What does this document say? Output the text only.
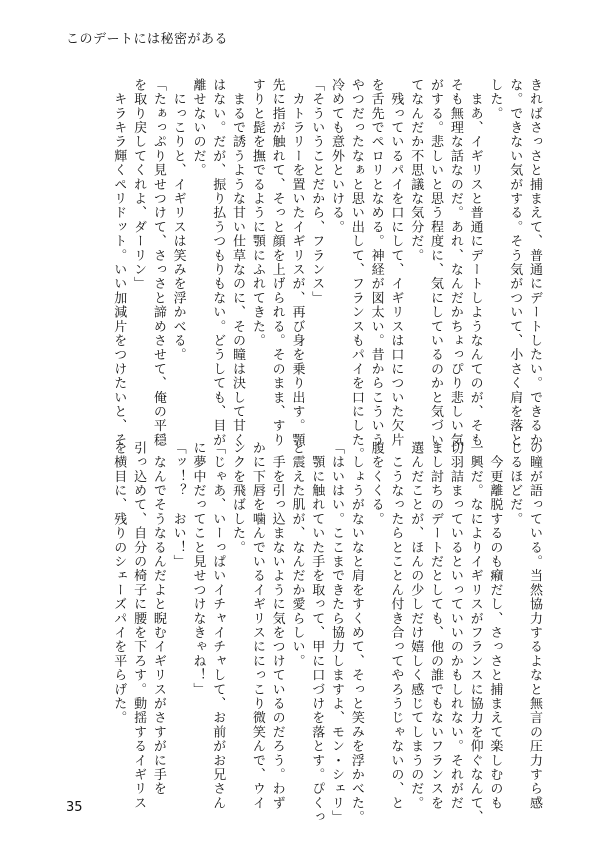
このデートには秘密がある
きればさっさと捕まえて、普通にデートしたい。できるか
な。できない気がする。そう気がついて、小さく肩を落と
した。
　まあ、イギリスと普通にデートしようなんてのが、そも
そも無理な話なのだ。あれ、なんだかちょっぴり悲しい気
がする。悲しいと思う程度に、気にしているのかと気づい
てなんだか不思議な気分だ。
　残っているパイを口にして、イギリスは口についた欠片
を舌先でペロリとなめる。神経が図太い。昔からこういう
やつだったなぁと思い出して、フランスもパイを口にした。
冷めても意外といける。
「そういうことだから、フランス」
　カトラリーを置いたイギリスが、再び身を乗り出す。顎
先に指が触れて、そっと顔を上げられる。そのまま、すり
すりと髭を撫でるように顎にふれてきた。
　まるで誘うような甘い仕草なのに、その瞳は決して甘く
はない。だが、振り払うつもりもない。どうしても、目が
離せないのだ。
　にっこりと、イギリスは笑みを浮かべる。
「たぁっぷり見せつけて、さっさと諦めさせて、俺の平穏
を取り戻してくれよ、ダーリン」
　キラキラ輝くペリドット。いい加減片をつけたいと、そ
の瞳が語っている。当然協力するよなと無言の圧力すら感
じるほどだ。
　今更離脱するのも癪だし、さっさと捕まえて楽しむのも
一興だ。なによりイギリスがフランスに協力を仰ぐなんて、
切羽詰まっているといっていいのかもしれない。それがだ
まし討ちのデートだとしても、他の誰でもないフランスを
選んだことが、ほんの少しだけ嬉しく感じてしまうのだ。
　こうなったらとことん付き合ってやろうじゃないの、と
腹をくくる。
　しょうがないなと肩をすくめて、そっと笑みを浮かべた。
「はいはい。ここまできたら協力しますよ、モン・シェリ」
　顎に触れていた手を取って、甲に口づけを落とす。ぴくっ
と震えた肌が、なんだか愛らしい。
　手を引っ込まないように気をつけているのだろう。わず
かに下唇を噛んでいるイギリスににっこり微笑んで、ウイ
ンクを飛ばした。
「じゃあ、いーっぱいイチャイチャして、お前がお兄さん
に夢中だってこと見せつけなきゃね！」
「ッ！？　おい！」
　なんでそうなるんだよと睨むイギリスがさすがに手を
引っ込めて、自分の椅子に腰を下ろす。動揺するイギリス
を横目に、残りのシェーズパイを平らげた。
35
